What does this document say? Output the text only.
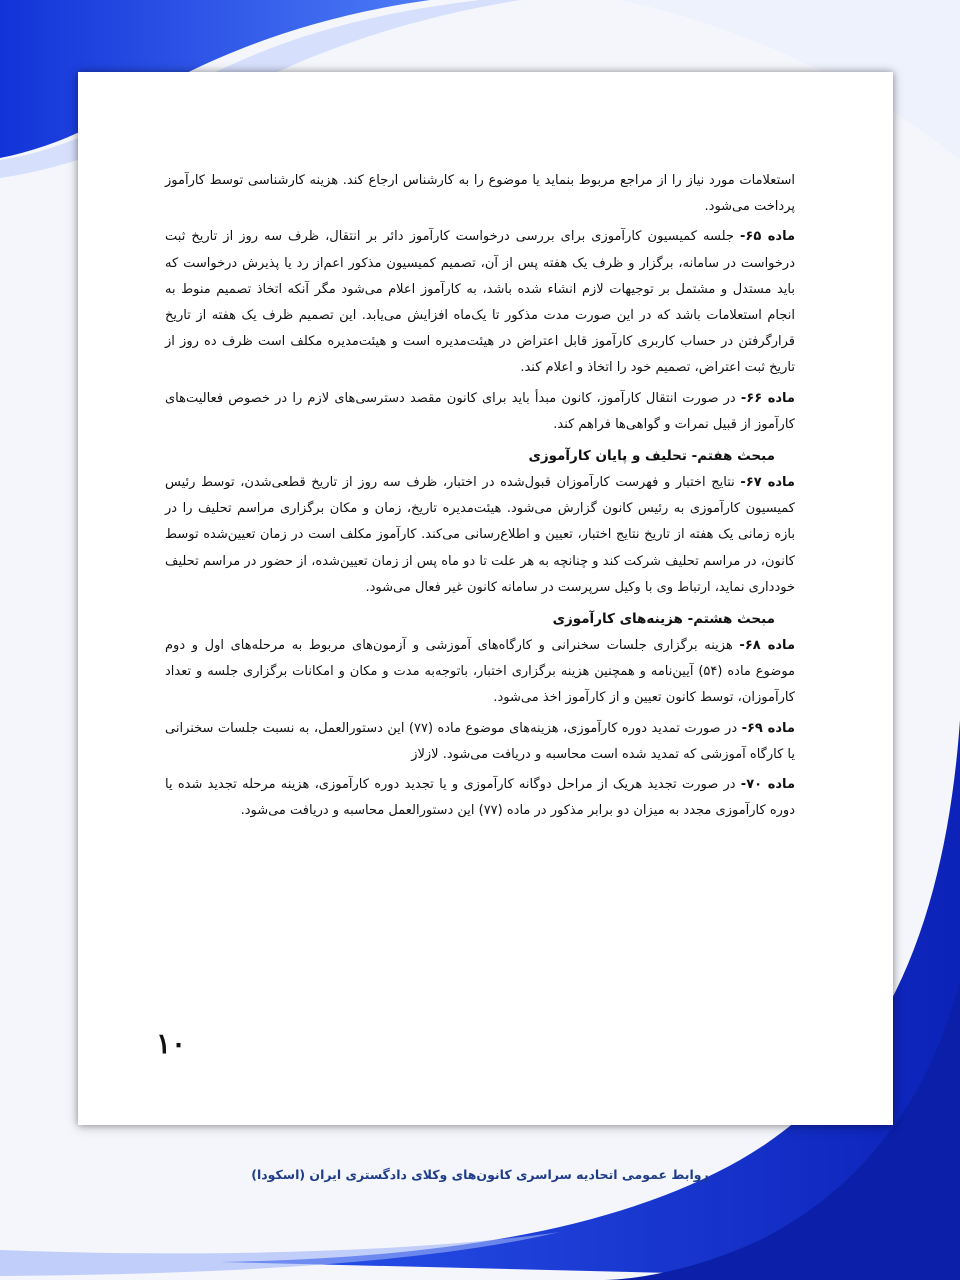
استعلامات مورد نیاز را از مراجع مربوط بنماید یا موضوع را به کارشناس ارجاع کند. هزینه کارشناسی توسط کارآموز پرداخت می‌شود.

ماده ۶۵- جلسه کمیسیون کارآموزی برای بررسی درخواست کارآموز دائر بر انتقال، ظرف سه روز از تاریخ ثبت درخواست در سامانه، برگزار و ظرف یک هفته پس از آن، تصمیم کمیسیون مذکور اعم‌از رد یا پذیرش درخواست که باید مستدل و مشتمل بر توجیهات لازم انشاء شده باشد، به کارآموز اعلام می‌شود مگر آنکه اتخاذ تصمیم منوط به انجام استعلامات باشد که در این صورت مدت مذکور تا یک‌ماه افزایش می‌یابد. این تصمیم ظرف یک هفته از تاریخ قرارگرفتن در حساب کاربری کارآموز قابل اعتراض در هیئت‌مدیره است و هیئت‌مدیره مکلف است ظرف ده روز از تاریخ ثبت اعتراض، تصمیم خود را اتخاذ و اعلام کند.

ماده ۶۶- در صورت انتقال کارآموز، کانون مبدأ باید برای کانون مقصد دسترسی‌های لازم را در خصوص فعالیت‌های کارآموز از قبیل نمرات و گواهی‌ها فراهم کند.

مبحث هفتم- تحلیف و پایان کارآموزی

ماده ۶۷- نتایج اختبار و فهرست کارآموزان قبول‌شده در اختبار، ظرف سه روز از تاریخ قطعی‌شدن، توسط رئیس کمیسیون کارآموزی به رئیس کانون گزارش می‌شود. هیئت‌مدیره تاریخ، زمان و مکان برگزاری مراسم تحلیف را در بازه زمانی یک هفته از تاریخ نتایج اختبار، تعیین و اطلاع‌رسانی می‌کند. کارآموز مکلف است در زمان تعیین‌شده توسط کانون، در مراسم تحلیف شرکت کند و چنانچه به هر علت تا دو ماه پس از زمان تعیین‌شده، از حضور در مراسم تحلیف خودداری نماید، ارتباط وی با وکیل سرپرست در سامانه کانون غیر فعال می‌شود.

مبحث هشتم- هزینه‌های کارآموزی

ماده ۶۸- هزینه برگزاری جلسات سخنرانی و کارگاه‌های آموزشی و آزمون‌های مربوط به مرحله‌های اول و دوم موضوع ماده (۵۴) آیین‌نامه و همچنین هزینه برگزاری اختبار، باتوجه‌به مدت و مکان و امکانات برگزاری جلسه و تعداد کارآموزان، توسط کانون تعیین و از کارآموز اخذ می‌شود.

ماده ۶۹- در صورت تمدید دوره کارآموزی، هزینه‌های موضوع ماده (۷۷) این دستورالعمل، به نسبت جلسات سخنرانی یا کارگاه آموزشی که تمدید شده است محاسبه و دریافت می‌شود. لازلاز

ماده ۷۰- در صورت تجدید هریک از مراحل دوگانه کارآموزی و یا تجدید دوره کارآموزی، هزینه مرحله تجدید شده یا دوره کارآموزی مجدد به میزان دو برابر مذکور در ماده (۷۷) این دستورالعمل محاسبه و دریافت می‌شود.

۱۰
روابط عمومی اتحادیه سراسری کانون‌های وکلای دادگستری ایران (اسکودا)
